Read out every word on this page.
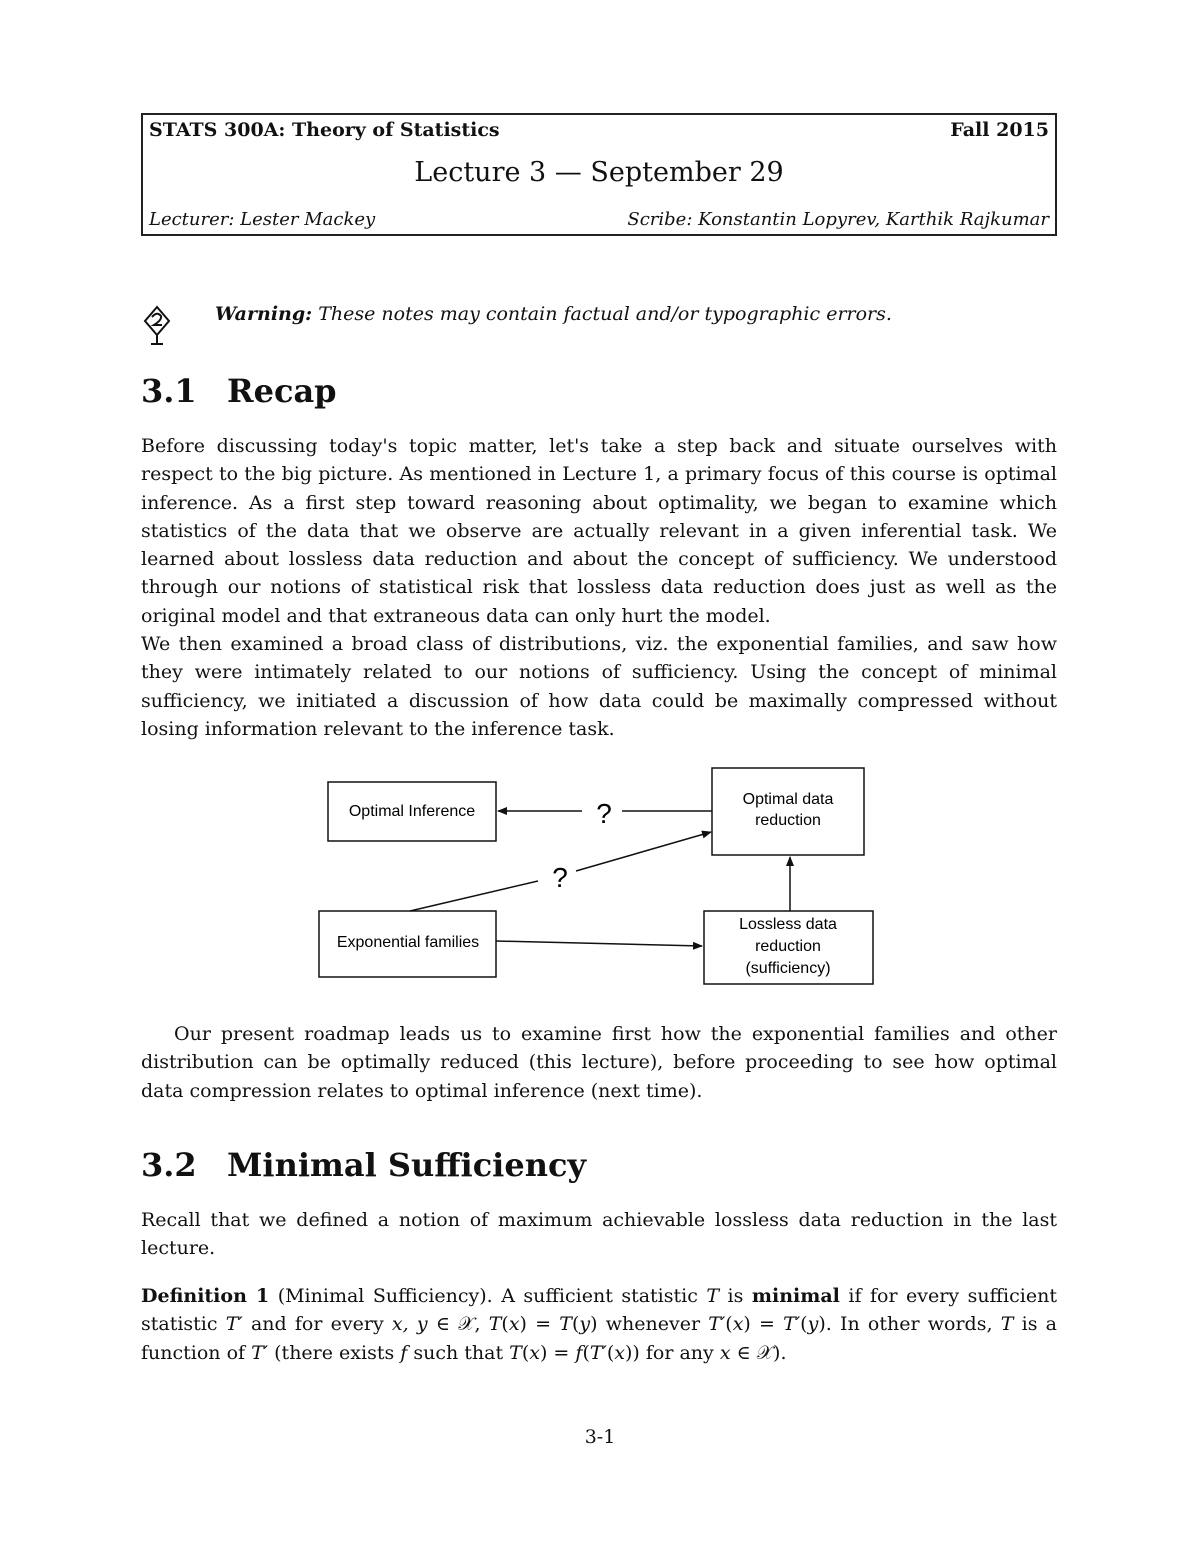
STATS 300A: Theory of Statistics	Fall 2015
Lecture 3 — September 29
Lecturer: Lester Mackey	Scribe: Konstantin Lopyrev, Karthik Rajkumar
Warning: These notes may contain factual and/or typographic errors.
3.1 Recap

Before discussing today's topic matter, let's take a step back and situate ourselves with respect to the big picture. As mentioned in Lecture 1, a primary focus of this course is optimal inference. As a first step toward reasoning about optimality, we began to examine which statistics of the data that we observe are actually relevant in a given inferential task. We learned about lossless data reduction and about the concept of sufficiency. We understood through our notions of statistical risk that lossless data reduction does just as well as the original model and that extraneous data can only hurt the model.

We then examined a broad class of distributions, viz. the exponential families, and saw how they were intimately related to our notions of sufficiency. Using the concept of minimal sufficiency, we initiated a discussion of how data could be maximally compressed without losing information relevant to the inference task.

?
?
Optimal Inference
Optimal data
reduction
Exponential families
Lossless data
reduction
(sufficiency)

Our present roadmap leads us to examine first how the exponential families and other distribution can be optimally reduced (this lecture), before proceeding to see how optimal data compression relates to optimal inference (next time).

3.2 Minimal Sufficiency

Recall that we defined a notion of maximum achievable lossless data reduction in the last lecture.

Definition 1 (Minimal Sufficiency). A sufficient statistic T is minimal if for every sufficient statistic T′ and for every x, y ∈ 𝒳, T(x) = T(y) whenever T′(x) = T′(y). In other words, T is a function of T′ (there exists f such that T(x) = f(T′(x)) for any x ∈ 𝒳).
3-1
